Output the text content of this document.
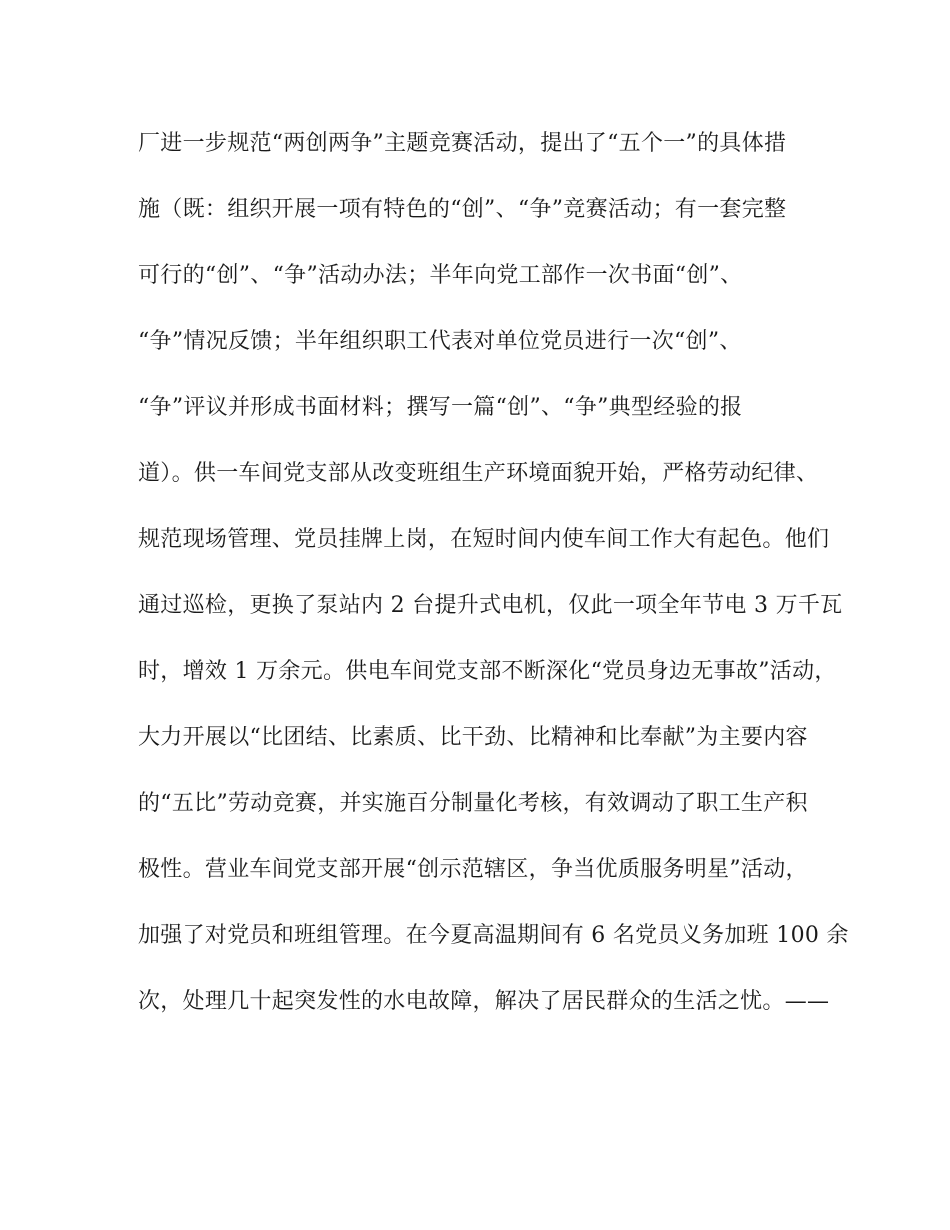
厂进一步规范“两创两争”主题竞赛活动，提出了“五个一”的具体措
施（既：组织开展一项有特色的“创”、“争”竞赛活动；有一套完整
可行的“创”、“争”活动办法；半年向党工部作一次书面“创”、
“争”情况反馈；半年组织职工代表对单位党员进行一次“创”、
“争”评议并形成书面材料；撰写一篇“创”、“争”典型经验的报
道）。供一车间党支部从改变班组生产环境面貌开始，严格劳动纪律、
规范现场管理、党员挂牌上岗，在短时间内使车间工作大有起色。他们
通过巡检，更换了泵站内 2 台提升式电机，仅此一项全年节电 3 万千瓦
时，增效 1 万余元。供电车间党支部不断深化“党员身边无事故”活动，
大力开展以“比团结、比素质、比干劲、比精神和比奉献”为主要内容
的“五比”劳动竞赛，并实施百分制量化考核，有效调动了职工生产积
极性。营业车间党支部开展“创示范辖区，争当优质服务明星”活动，
加强了对党员和班组管理。在今夏高温期间有 6 名党员义务加班 100 余
次，处理几十起突发性的水电故障，解决了居民群众的生活之忧。——
